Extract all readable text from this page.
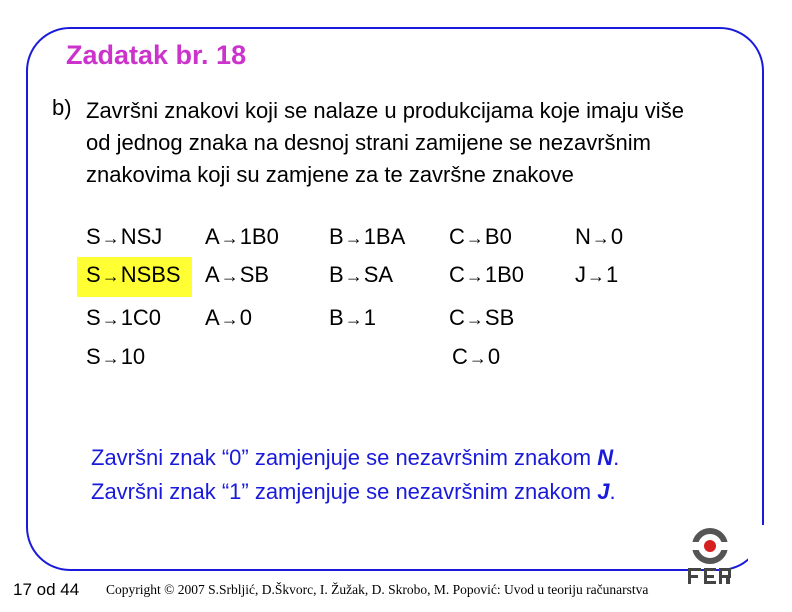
Zadatak br. 18
b) Završni znakovi koji se nalaze u produkcijama koje imaju više
od jednog znaka na desnoj strani zamijene se nezavršnim
znakovima koji su zamjene za te završne znakove
S→NSJ
S→NSBS
S→1C0
S→10
A→1B0
A→SB
A→0
B→1BA
B→SA
B→1
C→B0
C→1B0
C→SB
C→0
N→0
J→1
Završni znak “0” zamjenjuje se nezavršnim znakom N.
Završni znak “1” zamjenjuje se nezavršnim znakom J.
17 od 44 Copyright © 2007 S.Srbljić, D.Škvorc, I. Žužak, D. Skrobo, M. Popović: Uvod u teoriju računarstva
